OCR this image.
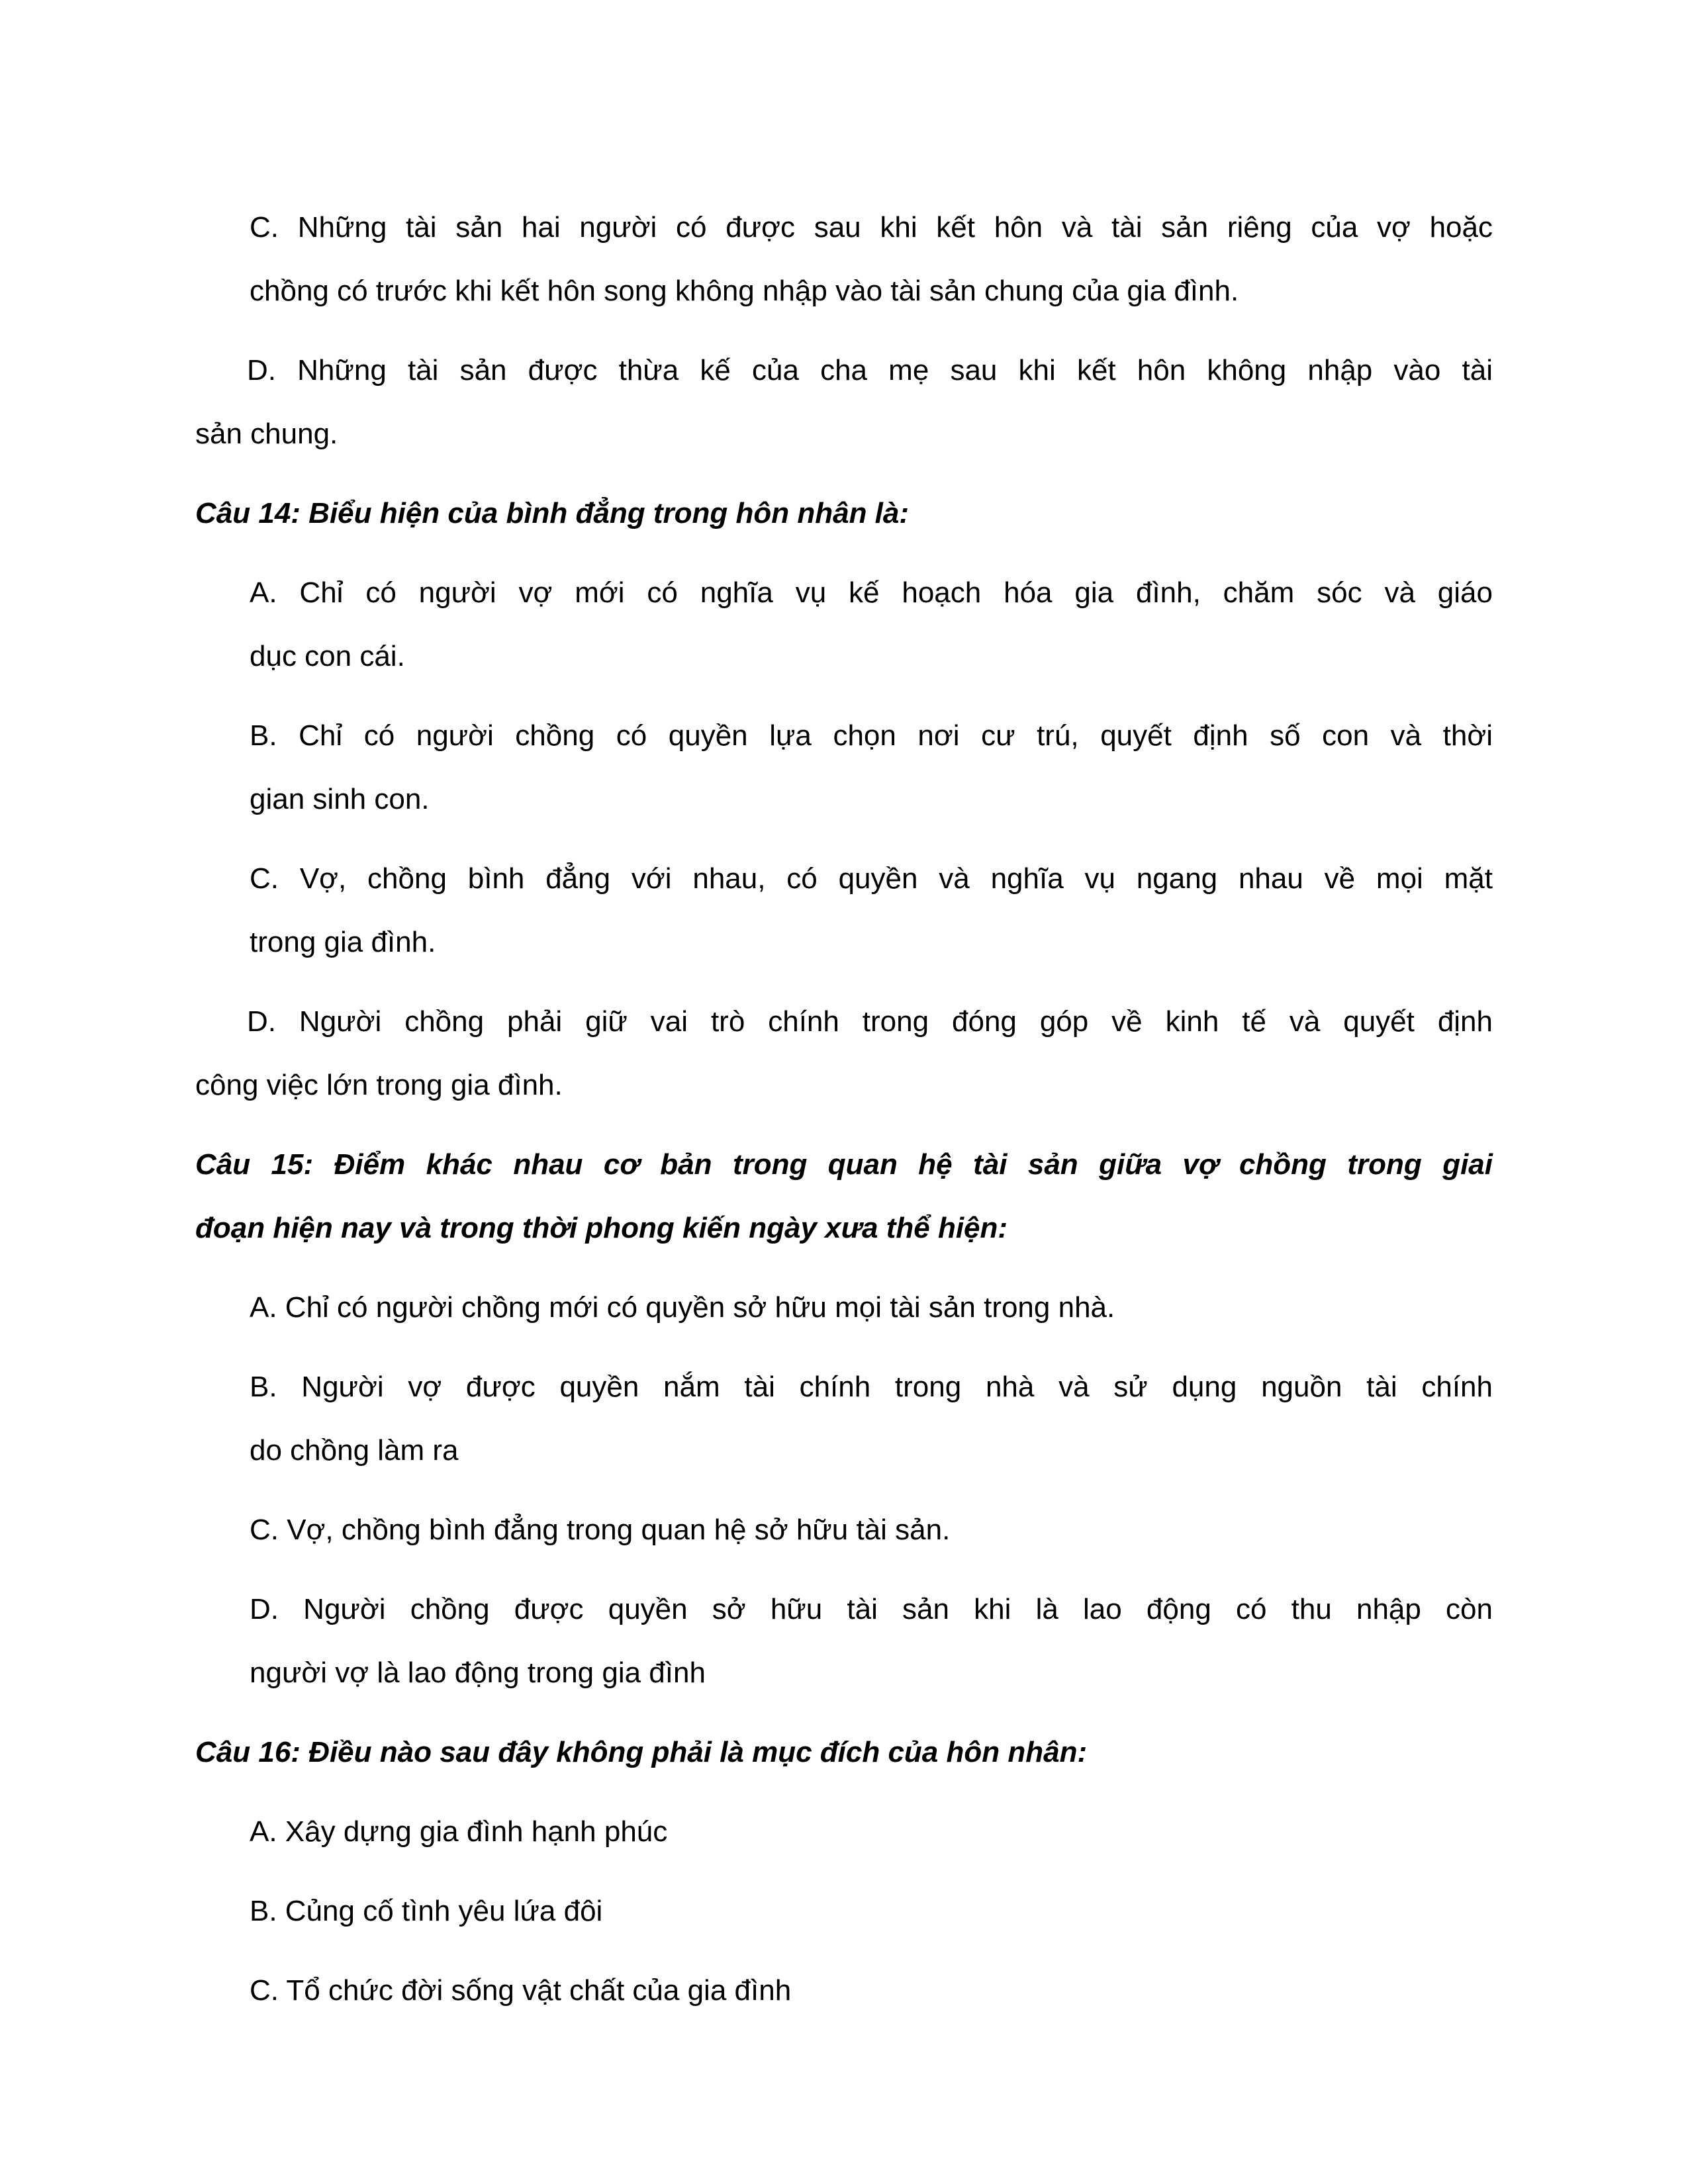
C. Những tài sản hai người có được sau khi kết hôn và tài sản riêng của vợ hoặc
chồng có trước khi kết hôn song không nhập vào tài sản chung của gia đình.
D. Những tài sản được thừa kế của cha mẹ sau khi kết hôn không nhập vào tài
sản chung.
Câu 14: Biểu hiện của bình đẳng trong hôn nhân là:
A. Chỉ có người vợ mới có nghĩa vụ kế hoạch hóa gia đình, chăm sóc và giáo
dục con cái.
B. Chỉ có người chồng có quyền lựa chọn nơi cư trú, quyết định số con và thời
gian sinh con.
C. Vợ, chồng bình đẳng với nhau, có quyền và nghĩa vụ ngang nhau về mọi mặt
trong gia đình.
D. Người chồng phải giữ vai trò chính trong đóng góp về kinh tế và quyết định
công việc lớn trong gia đình.
Câu 15: Điểm khác nhau cơ bản trong quan hệ tài sản giữa vợ chồng trong giai
đoạn hiện nay và trong thời phong kiến ngày xưa thể hiện:
A. Chỉ có người chồng mới có quyền sở hữu mọi tài sản trong nhà.
B. Người vợ được quyền nắm tài chính trong nhà và sử dụng nguồn tài chính
do chồng làm ra
C. Vợ, chồng bình đẳng trong quan hệ sở hữu tài sản.
D. Người chồng được quyền sở hữu tài sản khi là lao động có thu nhập còn
người vợ là lao động trong gia đình
Câu 16: Điều nào sau đây không phải là mục đích của hôn nhân:
A. Xây dựng gia đình hạnh phúc
B. Củng cố tình yêu lứa đôi
C. Tổ chức đời sống vật chất của gia đình
